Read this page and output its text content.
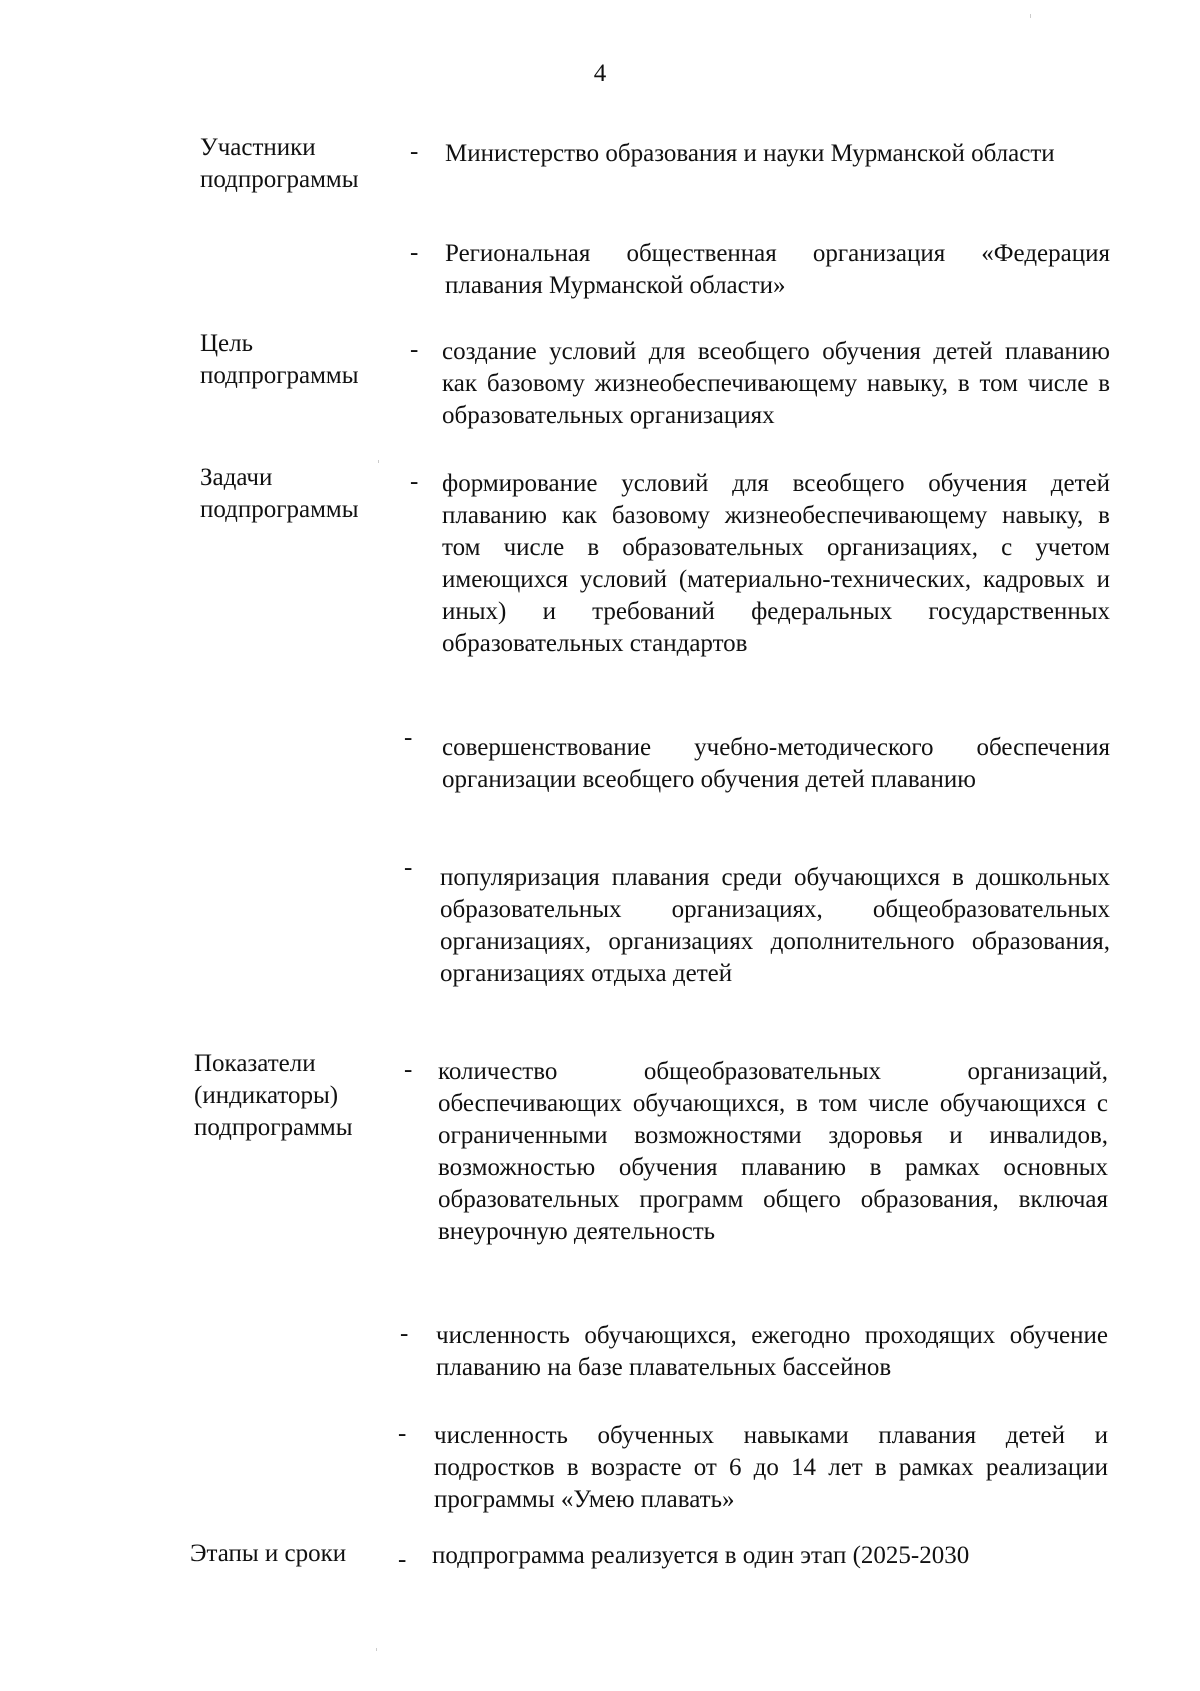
4
Участники
подпрограммы
- Министерство образования и науки Мурманской области
- Региональная общественная организация «Федерация плавания Мурманской области»
Цель
подпрограммы
- создание условий для всеобщего обучения детей плаванию как базовому жизнеобеспечивающему навыку, в том числе в образовательных организациях
Задачи
подпрограммы
- формирование условий для всеобщего обучения детей плаванию как базовому жизнеобеспечивающему навыку, в том числе в образовательных организациях, с учетом имеющихся условий (материально-технических, кадровых и иных) и требований федеральных государственных образовательных стандартов
- совершенствование учебно-методического обеспечения организации всеобщего обучения детей плаванию
- популяризация плавания среди обучающихся в дошкольных образовательных организациях, общеобразовательных организациях, организациях дополнительного образования, организациях отдыха детей
Показатели
(индикаторы)
подпрограммы
- количество общеобразовательных организаций, обеспечивающих обучающихся, в том числе обучающихся с ограниченными возможностями здоровья и инвалидов, возможностью обучения плаванию в рамках основных образовательных программ общего образования, включая внеурочную деятельность
- численность обучающихся, ежегодно проходящих обучение плаванию на базе плавательных бассейнов
- численность обученных навыками плавания детей и подростков в возрасте от 6 до 14 лет в рамках реализации программы «Умею плавать»
Этапы и сроки	- подпрограмма реализуется в один этап (2025-2030
